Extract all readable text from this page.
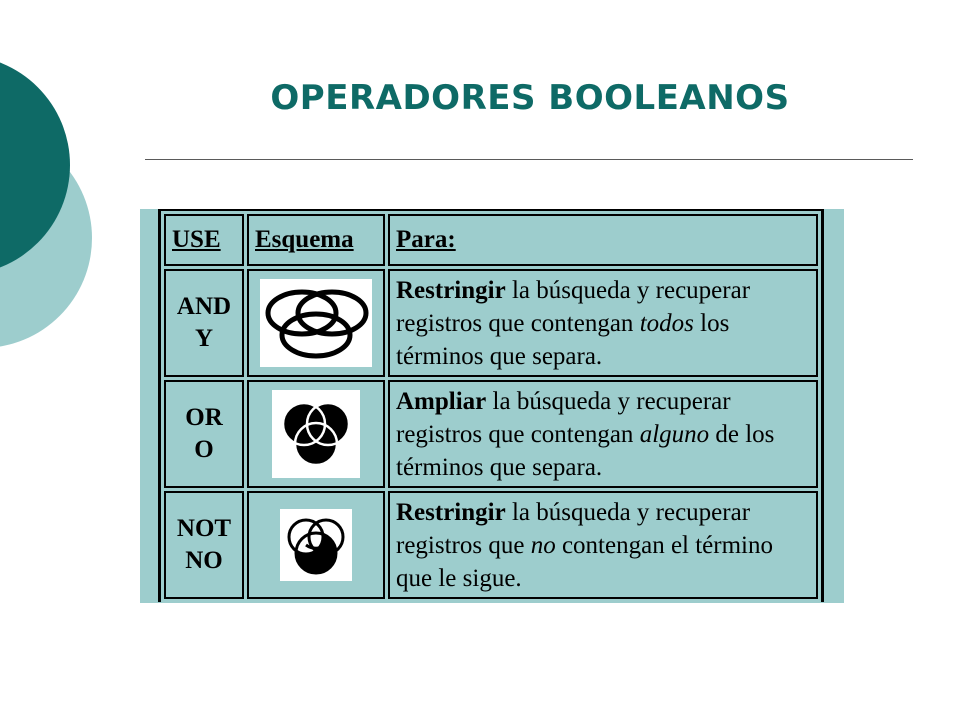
OPERADORES BOOLEANOS
USE	Esquema	Para:

AND
Y		Restringir la búsqueda y recuperar registros que contengan todos los términos que separa.

OR
O		Ampliar la búsqueda y recuperar registros que contengan alguno de los términos que separa.

NOT
NO		Restringir la búsqueda y recuperar registros que no contengan el término que le sigue.
